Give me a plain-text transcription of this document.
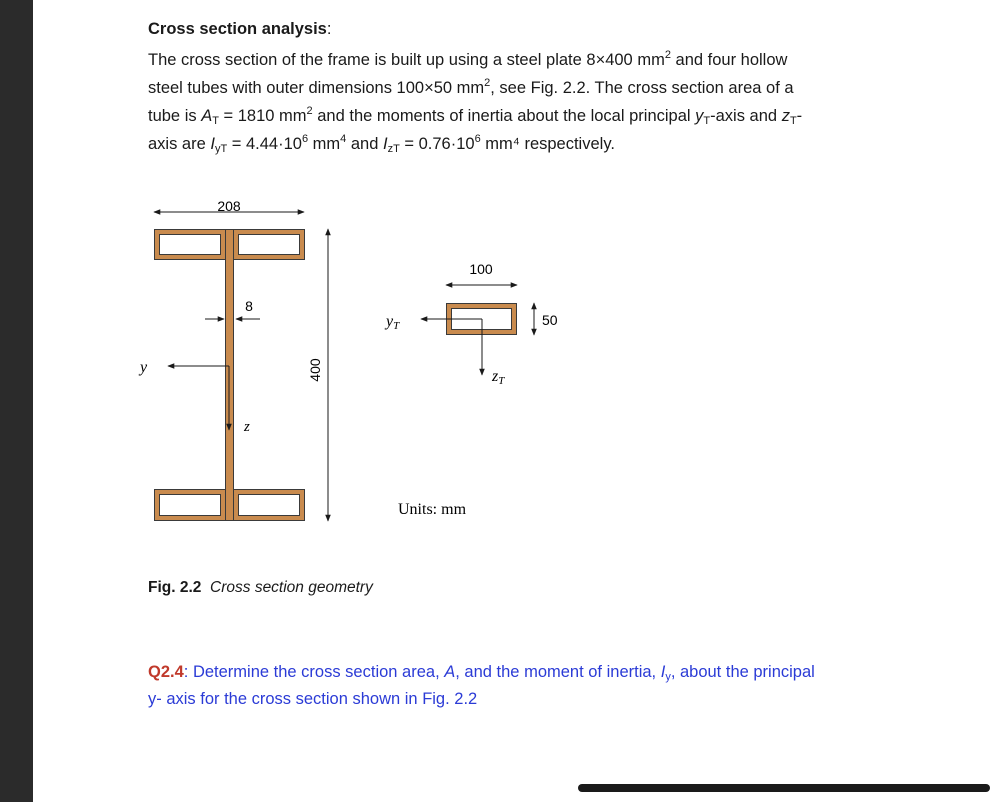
Cross section analysis:

The cross section of the frame is built up using a steel plate 8×400 $mm^2$ and four hollow

steel tubes with outer dimensions 100×50 $mm^2$, see Fig. 2.2. The cross section area of a

tube is $A_T = 1810$ $mm^2$ and the moments of inertia about the local principal $y_T$-axis and $z_T-$

axis are $I_{yT} = 4.44\cdot 10^6$ $mm^4$ and $I_{zT} = 0.76\cdot 10^6$ mm⁴ respectively.

208
8
y
z
400
100
50
yT
zT
Units: mm
Fig. 2.2 Cross section geometry

Q2.4: Determine the cross section area, A, and the moment of inertia, $I_y$, about the principal

y- axis for the cross section shown in Fig. 2.2
